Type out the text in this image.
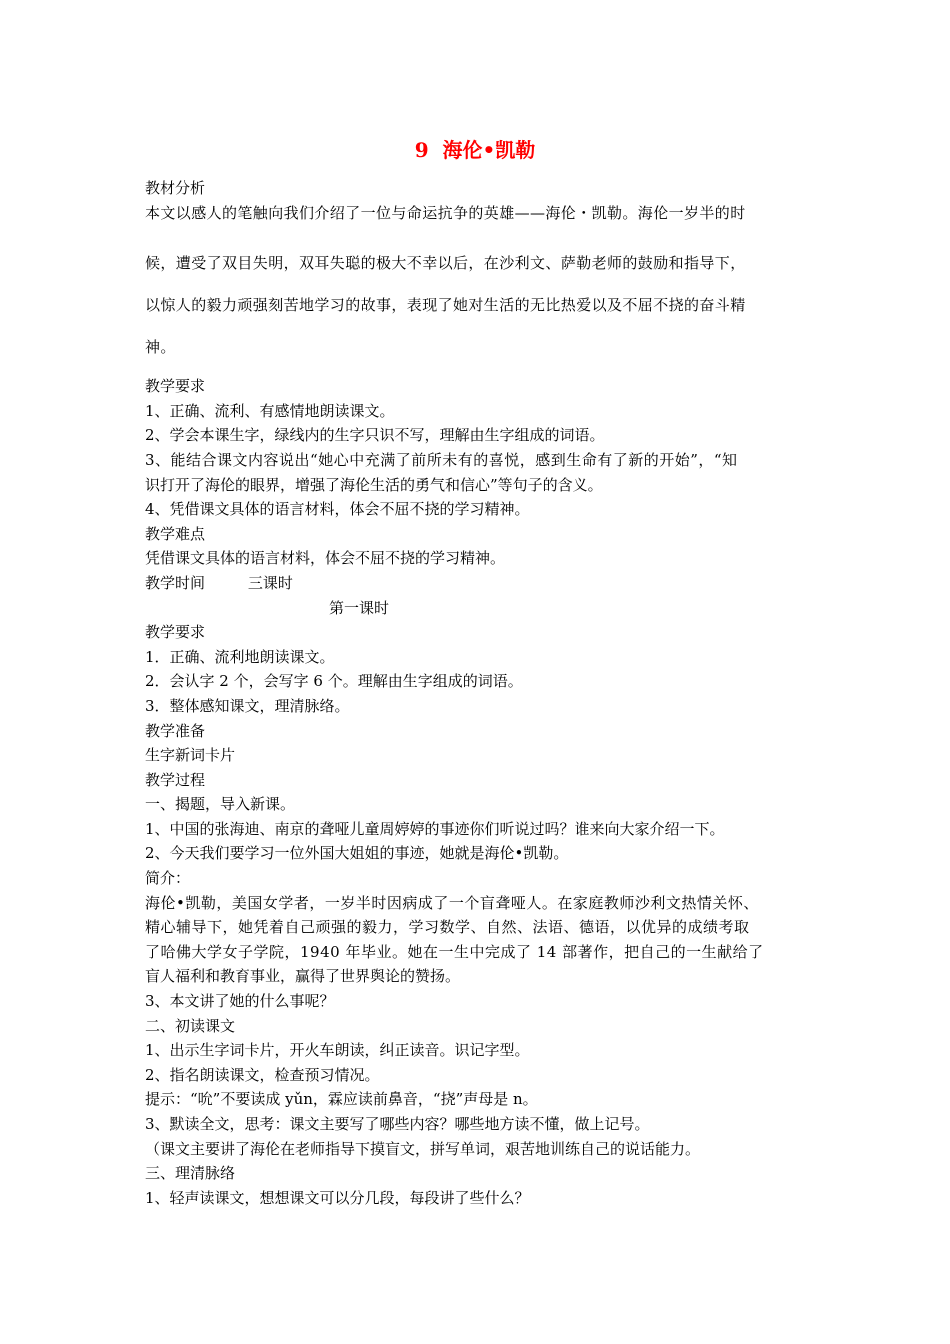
9  海伦•凯勒
教材分析
本文以感人的笔触向我们介绍了一位与命运抗争的英雄——海伦・凯勒。海伦一岁半的时
候，遭受了双目失明，双耳失聪的极大不幸以后，在沙利文、萨勒老师的鼓励和指导下，
以惊人的毅力顽强刻苦地学习的故事，表现了她对生活的无比热爱以及不屈不挠的奋斗精
神。
教学要求
1、正确、流利、有感情地朗读课文。
2、学会本课生字，绿线内的生字只识不写，理解由生字组成的词语。
3、能结合课文内容说出“她心中充满了前所未有的喜悦，感到生命有了新的开始”，“知
识打开了海伦的眼界，增强了海伦生活的勇气和信心”等句子的含义。
4、凭借课文具体的语言材料，体会不屈不挠的学习精神。
教学难点
凭借课文具体的语言材料，体会不屈不挠的学习精神。
教学时间         三课时
第一课时
教学要求
1．正确、流利地朗读课文。
2．会认字 2 个，会写字 6 个。理解由生字组成的词语。
3．整体感知课文，理清脉络。
教学准备
生字新词卡片
教学过程
一、揭题，导入新课。
1、中国的张海迪、南京的聋哑儿童周婷婷的事迹你们听说过吗？谁来向大家介绍一下。
2、今天我们要学习一位外国大姐姐的事迹，她就是海伦•凯勒。
简介：
海伦•凯勒，美国女学者，一岁半时因病成了一个盲聋哑人。在家庭教师沙利文热情关怀、
精心辅导下，她凭着自己顽强的毅力，学习数学、自然、法语、德语，以优异的成绩考取
了哈佛大学女子学院，1940 年毕业。她在一生中完成了 14 部著作，把自己的一生献给了
盲人福利和教育事业，赢得了世界舆论的赞扬。
3、本文讲了她的什么事呢？
二、初读课文
1、出示生字词卡片，开火车朗读，纠正读音。识记字型。
2、指名朗读课文，检查预习情况。
提示：“吮”不要读成 yǔn，霖应读前鼻音，“挠”声母是 n。
3、默读全文，思考：课文主要写了哪些内容？哪些地方读不懂，做上记号。
（课文主要讲了海伦在老师指导下摸盲文，拼写单词，艰苦地训练自己的说话能力。
三、理清脉络
1、轻声读课文，想想课文可以分几段，每段讲了些什么？
